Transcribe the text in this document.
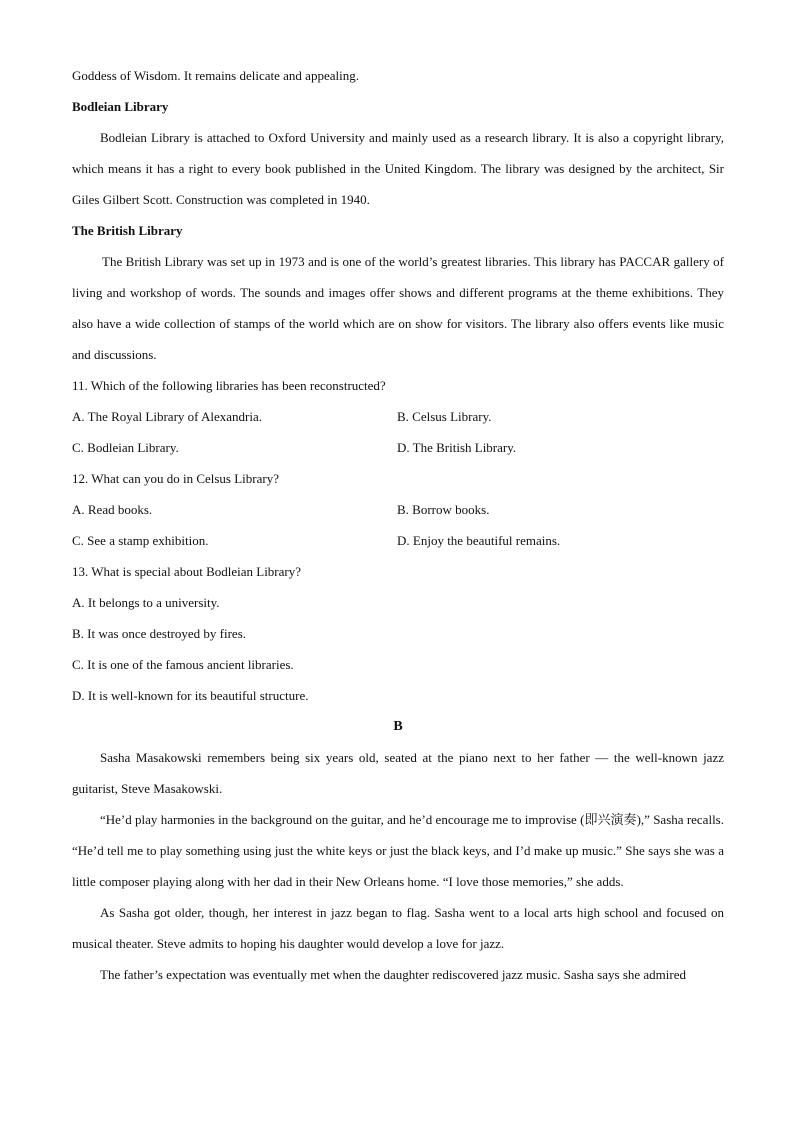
Goddess of Wisdom. It remains delicate and appealing.

Bodleian Library

Bodleian Library is attached to Oxford University and mainly used as a research library. It is also a copyright library, which means it has a right to every book published in the United Kingdom. The library was designed by the architect, Sir Giles Gilbert Scott. Construction was completed in 1940.

The British Library

The British Library was set up in 1973 and is one of the world’s greatest libraries. This library has PACCAR gallery of living and workshop of words. The sounds and images offer shows and different programs at the theme exhibitions. They also have a wide collection of stamps of the world which are on show for visitors. The library also offers events like music and discussions.

11. Which of the following libraries has been reconstructed?

A. The Royal Library of Alexandria.	B. Celsus Library.
C. Bodleian Library.	D. The British Library.

12. What can you do in Celsus Library?

A. Read books.	B. Borrow books.
C. See a stamp exhibition.	D. Enjoy the beautiful remains.

13. What is special about Bodleian Library?

A. It belongs to a university.

B. It was once destroyed by fires.

C. It is one of the famous ancient libraries.

D. It is well-known for its beautiful structure.

B

Sasha Masakowski remembers being six years old, seated at the piano next to her father — the well-known jazz guitarist, Steve Masakowski.

“He’d play harmonies in the background on the guitar, and he’d encourage me to improvise (即兴演奏),” Sasha recalls. “He’d tell me to play something using just the white keys or just the black keys, and I’d make up music.” She says she was a little composer playing along with her dad in their New Orleans home. “I love those memories,” she adds.

As Sasha got older, though, her interest in jazz began to flag. Sasha went to a local arts high school and focused on musical theater. Steve admits to hoping his daughter would develop a love for jazz.

The father’s expectation was eventually met when the daughter rediscovered jazz music. Sasha says she admired
